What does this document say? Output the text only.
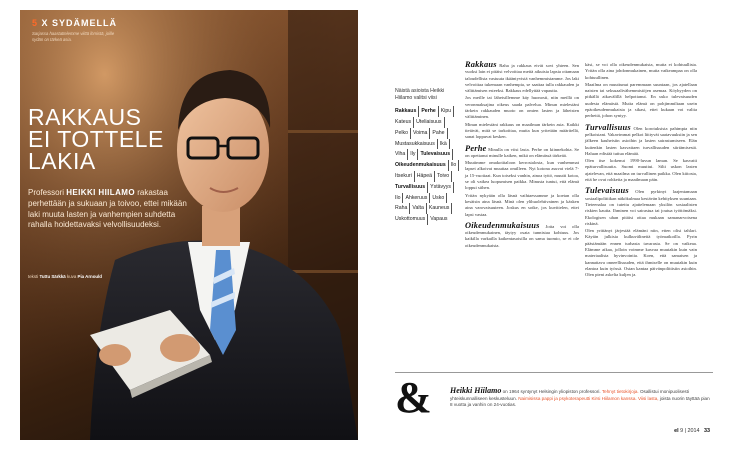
5 X SYDÄMELLÄ
Sarjassa haastattelemme viittä ihmistä, joille sydän on tärkeä asia.
RAKKAUS
EI TOTTELE
LAKIA
Professori HEIKKI HIILAMO rakastaa perhettään ja sukuaan ja toivoo, ettei mikään laki muuta lasten ja vanhempien suhdetta rahalla hoidettavaksi velvollisuudeksi.
teksti Tuttu Särkkä kuva Pia Arnould
Näistä asioista Heikki Hiilamo valitsi viisi
Rakkaus Perhe Kipu
Kateus Uteliaisuus
Pelko Voima Pahe
Mustasukkaisuus Ikä
Viha Ily Tulevaisuus
Oikeudenmukaisuus Ilo
Itsekuri Häpeä Toivo
Turvallisuus Ystävyys
Ilo Ahkeruus Usko
Raha Valta Kauneus
Uskottomuus Vapaus

Rakkaus Raha ja rakkaus eivät sovi yhteen. Sen vuoksi lain ei pitäisi velvoittaa meitä aikuisia lapsia ottamaan taloudellista vastuuta ikääntyvistä vanhemmistamme. Jos laki velvoittaa tukemaan vanhempia, se saattaa tulla rakkauden ja välittämisen esteeksi. Rakkaus edellyttää vapautta.

Jos meille tai läheisillemme käy huonosti, niin meillä on veronmaksajina oikeus saada palvelua. Minun mielestäni tärkein rakkauden muoto on omien lasten ja läheisten välittäminen.

Minun mielestäni rakkaus on maailman tärkein asia. Kaikki tietävät, mitä se tarkoittaa, mutta kun yritetään määritellä, sanat loppuvat kesken.

Perhe Minulla on viisi lasta. Perhe on kiinnekohta. Se on opettanut minulle kaiken, mikä on elämässä tärkeää.

Muutimme omakotitaloon kerrostalosta, kun vanhemmat lapset alkoivat muuttaa omilleen. Nyt kotona asuvat vielä 7- ja 15-vuotiaat. Kun toiseksi vanhin, ainoa tyttö, muutti kotoa, se oli vaikea luopumisen paikka. Minusta tuntui, että elämä loppui siihen.

Yritän nykyään olla läsnä vaihtaessamme ja koetan olla kesäisin aina läsnä. Minä olen ylihuolehtivainen ja käsken aina varovaisuuteen. Joskus en sotke, jos kuvittelen, ettei lapsi vastaa.

Oikeudenmukaisuus Jotta voi olla oikeudenmukainen, täytyy osata tunnistaa kohtuus. Jos kaikilla varkailla kaikentasoisilla on sama tuomio, se ei ole oikeudenmukaista.

käsi, se voi olla oikeudenmukaista, mutta ei kohtuullista. Yritän olla aina johdonmukainen, mutta vaikeampaa on olla kohtuullinen.

Maailma on muuttunut paremmaan suuntaan, jos ajatellaan naisten tai seksuaalivähemmistöjen asemaa. Köyhyyden on pitkällä aikavälillä helpottanut. En usko tulevaisuuden uudesta elämästä. Mutta elämä on pohjimmiltaan usein epäoikeudenmukaista ja sikasi, ettei kukaan voi valita perhettä, johon syntyy.

Turvallisuus Olen korotuksista pahimpia niin pelkoistani. Vakavimmat pelkot liittyvät saatavuuksiin ja sen jälkeen kauheisiin asioihin ja lasten sairastumiseen. Elän kuitenkin lasten kasvattaen turvallisuuden siirtämisestä. Haluan edistää tuttua elämää.

Olen itse kokenut 1990-luvun laman. Se kasvatti epäturvallisuutta. Suomi muuttui. Silti uskon lasten ajatelevan, että maailma on turvallinen paikka. Olen kiitosta, että he ovat rohkeita ja maailmaan päin.

Tulevaisuus Olen pyrkinyt laajentamaan sosiaalipolitiikan näkökulmaa kestävän kehityksen suuntaan. Tieteenalaa on tutettu ajattelemaan yksilön sosiaalisten riskien kautta. Ihminen voi sairastua tai joutua työttömäksi. Ekologisen uhan pitäisi ottaa mukaan samanarvoisena riskinä.

Olen yrittänyt järjestää elämäni niin, etten olisi tahlari. Käytän julkisia kulkuvälineitä työmatkoilla. Pyrin päästämään ennen turhasta tavarasta. Se on vaikeaa. Elämme aikaa, jolloin voimme kasvaa muutakin kuin vain materiaalista hyvinvointia. Koen, että samaisen ja kannattava onneellisuuden, että ihmiselle on muutakin kuin elantoa kuin työssä. Ostan kantaa päivänpolittisiin asioihin. Olen pieni askelta kuljen ja.

& Heikki Hiilamo on 1964 syntynyt Helsingin yliopiston professori. Tehnyt tietokirjoja. Osallistui monipuolisesti yhteiskunnalliseen keskusteluun. Naimisissa pappi ja psykoterapeutti Kirsi Hiilamon kanssa. Viisi lasta, joista nuorin täyttää pian 8 vuotta ja vanhin on 24-vuotias.
el 9 | 2014 33
